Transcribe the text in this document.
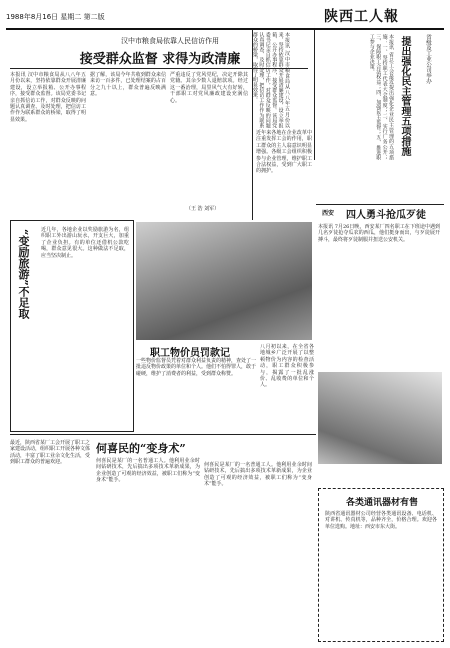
1988年8月16日 星期二 第二版	陕西工人報
汉中市粮食局依靠人民信访作用
接受群众监督 求得为政清廉
本报讯 汉中市粮食局从八八年五月份以来，坚持依靠群众开展清廉建设，设立举报箱、公开办事程序，接受群众监督。该局党委书记亲自抓信访工作，对群众反映的问题认真调查、及时处理，把信访工作作为联系群众的桥梁，取得了明显效果。
据了解，该局今年共收到群众来信来访一百多件，已处理结案的占百分之九十以上，群众普遍反映满意。
严重违反了党风党纪，决定开除其党籍。其余少数人退赔款项。经过这一番治理，局里风气大有好转，干部职工对党风廉政建设充满信心。
（王 浩 刘军）
本报讯 汉中市粮食局从八八年五月份以来，坚持依靠群众开展清廉建设，设立举报箱、公开办事程序，接受群众监督。该局党委书记亲自抓信访工作，对群众反映的问题认真调查、及时处理，把信访工作作为联系群众的桥梁，取得了明显效果。
近年来各地在企业改革中注重发挥工会的作用，职工群众的主人翁意识明显增强。各级工会组织积极参与企业管理，维护职工合法权益，受到广大职工的拥护。
省级及工业公司举办
提出强化民主管理五项措施
本报讯 省总工会最近提出强化企业民主管理的五项措施：一、坚持职工代表大会制度；二、实行厂务公开；三、保障职工合法权益；四、加强民主监督；五、推进职工参与企业决策。
西安 四人勇斗抢瓜歹徒
本报讯 7月26日晚，西安某厂四名职工在下班途中遇到几名歹徒抢夺瓜农的西瓜，他们挺身而出，与歹徒展开搏斗，最终将歹徒制服并扭送公安机关。
“变励旅游”不足取 近几年，各地企业以奖励旅游为名，组织职工外出游山玩水，开支巨大，加重了企业负担。有的单位还借机公款吃喝，群众意见很大。这种做法不足取，应当坚决制止。
职工物价员罚款记
一些物价监督员凭着对群众利益负责的精神，查处了一批违反物价政策的单位和个人。他们不怕得罪人，敢于碰硬，维护了消费者的利益，受到群众称赞。
八月初以来，在全省各地城乡广泛开展了以整顿物价为内容的检查活动，职工群众积极参与，揭露了一批乱涨价、乱收费的单位和个人。
何喜民的“变身术”
最近，陕西省某厂工会开展了职工之家建设活动，组织职工开展各种文体活动，丰富了职工业余文化生活，受到职工群众的普遍欢迎。	何喜民是某厂的一名普通工人。他利用业余时间钻研技术，先后搞出多项技术革新成果，为企业创造了可观的经济效益，被职工们称为“变身术”能手。
何喜民是某厂的一名普通工人。他利用业余时间钻研技术，先后搞出多项技术革新成果，为企业创造了可观的经济效益，被职工们称为“变身术”能手。
各类通讯器材有售
陕西省通讯器材公司经营各类通讯设备、电话机、对讲机、传真机等，品种齐全，价格合理。欢迎各单位选购。地址：西安市东大街。
